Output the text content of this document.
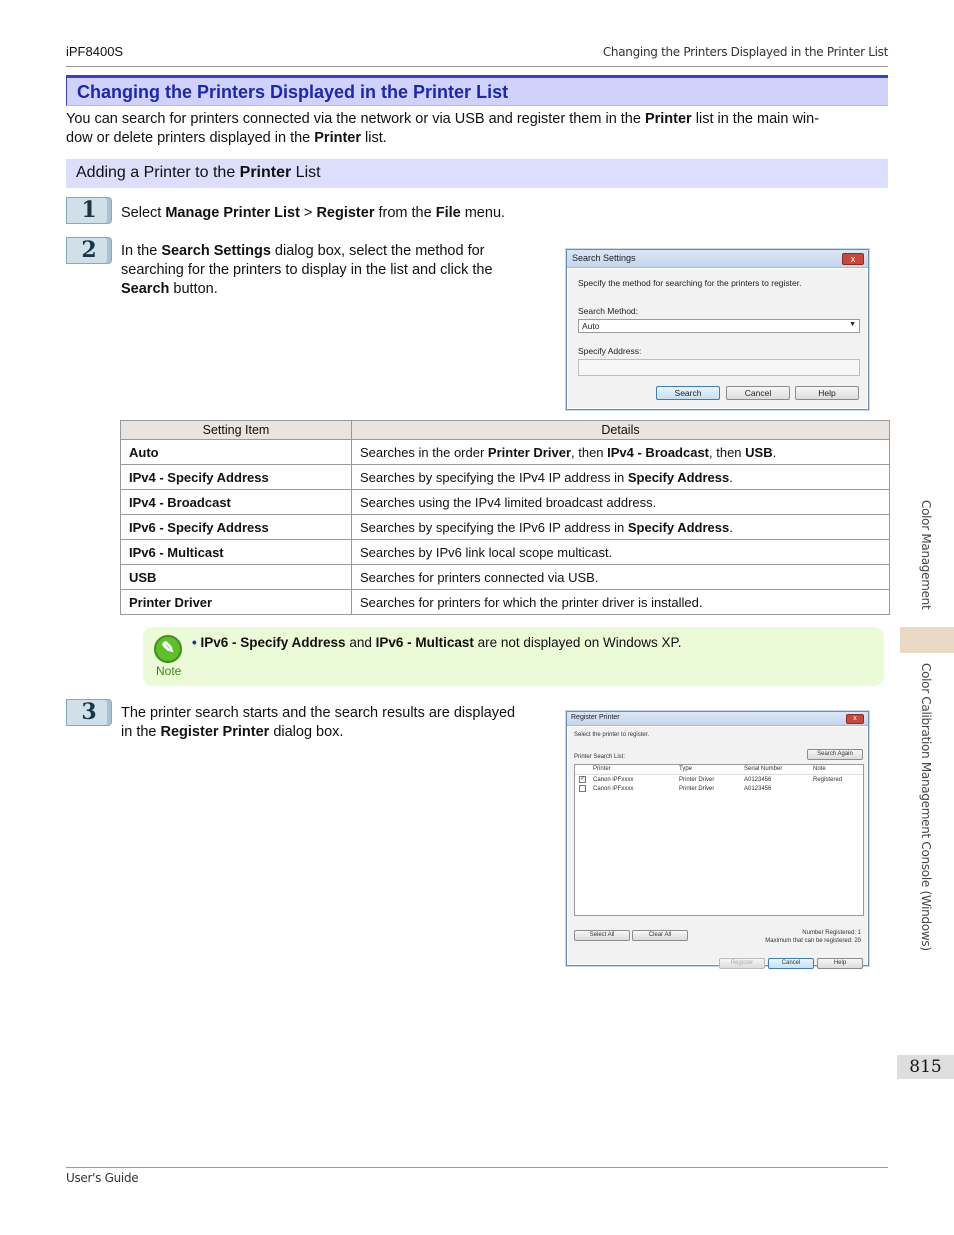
iPF8400S	Changing the Printers Displayed in the Printer List
Changing the Printers Displayed in the Printer List
You can search for printers connected via the network or via USB and register them in the Printer list in the main win-
dow or delete printers displayed in the Printer list.
Adding a Printer to the Printer List
1	Select Manage Printer List > Register from the File menu.
2	In the Search Settings dialog box, select the method for
searching for the printers to display in the list and click the
Search button.
Search Settings	x
Specify the method for searching for the printers to register.
Search Method:
Auto	▼
Specify Address:
Search	Cancel	Help
Setting Item	Details
Auto	Searches in the order Printer Driver, then IPv4 - Broadcast, then USB.
IPv4 - Specify Address	Searches by specifying the IPv4 IP address in Specify Address.
IPv4 - Broadcast	Searches using the IPv4 limited broadcast address.
IPv6 - Specify Address	Searches by specifying the IPv6 IP address in Specify Address.
IPv6 - Multicast	Searches by IPv6 link local scope multicast.
USB	Searches for printers connected via USB.
Printer Driver	Searches for printers for which the printer driver is installed.
✎
Note
• IPv6 - Specify Address and IPv6 - Multicast are not displayed on Windows XP.
3	The printer search starts and the search results are displayed
in the Register Printer dialog box.
Register Printer	x
Select the printer to register.
Printer Search List:	Search Again
Printer	Type	Serial Number	Note
✓ Canon iPFxxxx	Printer Driver	A0123456	Registered
Canon iPFxxxx	Printer Driver	A0123456
Select All	Clear All	Number Registered: 1
Maximum that can be registered: 20
Register	Cancel	Help
Color Management
Color Calibration Management Console (Windows)
815
User's Guide
